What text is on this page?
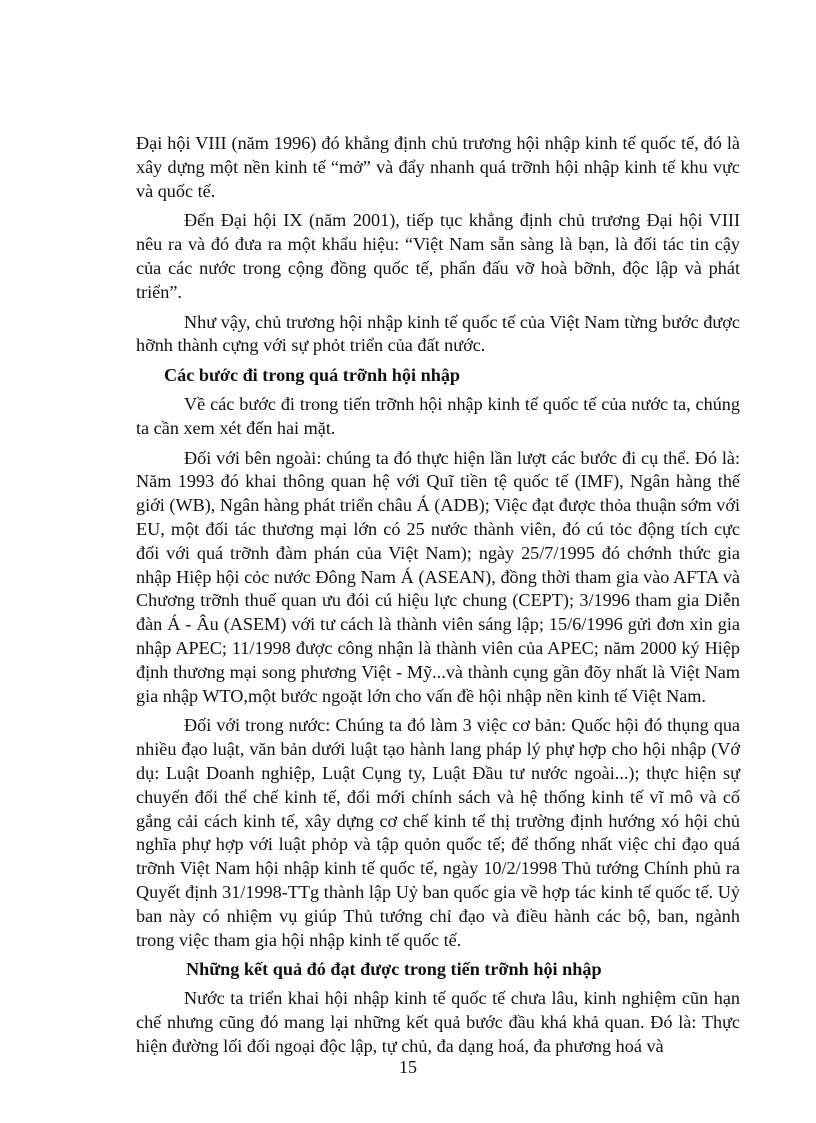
Đại hội VIII (năm 1996) đó khẳng định chủ trương hội nhập kinh tế quốc tế, đó là xây dựng một nền kinh tế “mở” và đẩy nhanh quá trỡnh hội nhập kinh tế khu vực và quốc tế.

Đến Đại hội IX (năm 2001), tiếp tục khẳng định chủ trương Đại hội VIII nêu ra và đó đưa ra một khẩu hiệu: “Việt Nam sẵn sàng là bạn, là đối tác tin cậy của các nước trong cộng đồng quốc tế, phấn đấu vỡ hoà bỡnh, độc lập và phát triển”.

Như vậy, chủ trương hội nhập kinh tế quốc tế của Việt Nam từng bước được hỡnh thành cựng với sự phỏt triển của đất nước.

Các bước đi trong quá trỡnh hội nhập

Về các bước đi trong tiến trỡnh hội nhập kinh tế quốc tế của nước ta, chúng ta cần xem xét đến hai mặt.

Đối với bên ngoài: chúng ta đó thực hiện lần lượt các bước đi cụ thể. Đó là: Năm 1993 đó khai thông quan hệ với Quĩ tiền tệ quốc tế (IMF), Ngân hàng thế giới (WB), Ngân hàng phát triển châu Á (ADB); Việc đạt được thỏa thuận sớm với EU, một đối tác thương mại lớn có 25 nước thành viên, đó cú tỏc động tích cực đối với quá trỡnh đàm phán của Việt Nam); ngày 25/7/1995 đó chớnh thức gia nhập Hiệp hội cỏc nước Đông Nam Á (ASEAN), đồng thời tham gia vào AFTA và Chương trỡnh thuế quan ưu đói cú hiệu lực chung (CEPT); 3/1996 tham gia Diễn đàn Á - Âu (ASEM) với tư cách là thành viên sáng lập; 15/6/1996 gửi đơn xin gia nhập APEC; 11/1998 được công nhận là thành viên của APEC; năm 2000 ký Hiệp định thương mại song phương Việt - Mỹ...và thành cụng gần đõy nhất là Việt Nam gia nhập WTO,một bước ngoặt lớn cho vấn đề hội nhập nền kinh tế Việt Nam.

Đối với trong nước: Chúng ta đó làm 3 việc cơ bản: Quốc hội đó thụng qua nhiều đạo luật, văn bản dưới luật tạo hành lang pháp lý phự hợp cho hội nhập (Vớ dụ: Luật Doanh nghiệp, Luật Cụng ty, Luật Đầu tư nước ngoài...); thực hiện sự chuyển đổi thể chế kinh tế, đổi mới chính sách và hệ thống kinh tế vĩ mô và cố gắng cải cách kinh tế, xây dựng cơ chế kinh tế thị trường định hướng xó hội chủ nghĩa phự hợp với luật phỏp và tập quỏn quốc tế; để thống nhất việc chỉ đạo quá trỡnh Việt Nam hội nhập kinh tế quốc tế, ngày 10/2/1998 Thủ tướng Chính phủ ra Quyết định 31/1998-TTg thành lập Uỷ ban quốc gia về hợp tác kinh tế quốc tế. Uỷ ban này có nhiệm vụ giúp Thủ tướng chỉ đạo và điều hành các bộ, ban, ngành trong việc tham gia hội nhập kinh tế quốc tế.

Những kết quả đó đạt được trong tiến trỡnh hội nhập

Nước ta triển khai hội nhập kinh tế quốc tế chưa lâu, kinh nghiệm cũn hạn chế nhưng cũng đó mang lại những kết quả bước đầu khá khả quan. Đó là: Thực hiện đường lối đối ngoại độc lập, tự chủ, đa dạng hoá, đa phương hoá và

15
